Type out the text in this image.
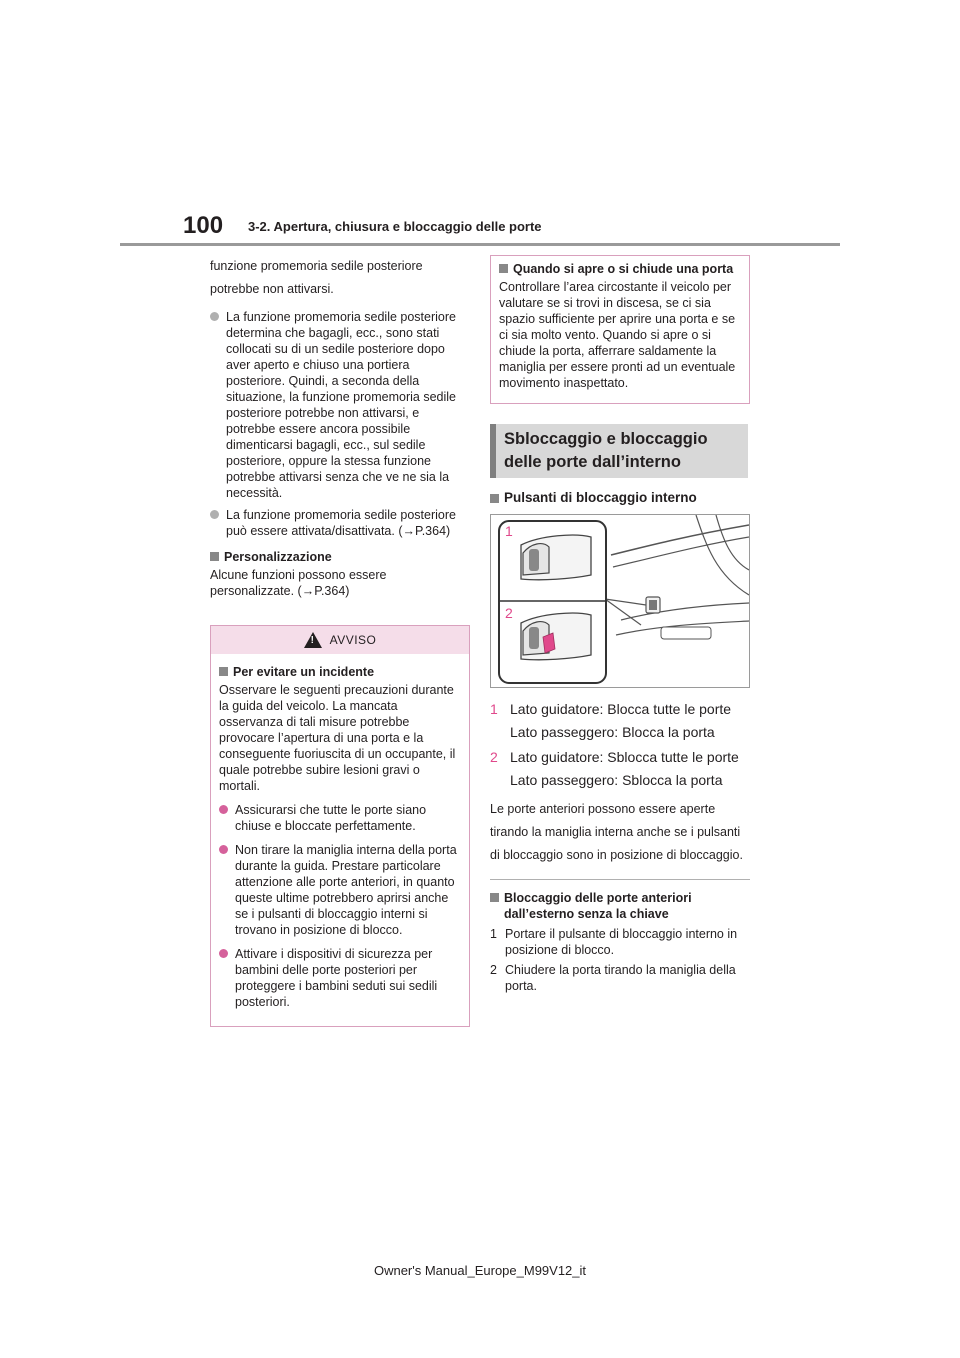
100 3-2. Apertura, chiusura e bloccaggio delle porte
funzione promemoria sedile posteriore
potrebbe non attivarsi.
La funzione promemoria sedile posteriore determina che bagagli, ecc., sono stati collocati su di un sedile posteriore dopo aver aperto e chiuso una portiera posteriore. Quindi, a seconda della situazione, la funzione promemoria sedile posteriore potrebbe non attivarsi, e potrebbe essere ancora possibile dimenticarsi bagagli, ecc., sul sedile posteriore, oppure la stessa funzione potrebbe attivarsi senza che ve ne sia la necessità.
La funzione promemoria sedile posteriore può essere attivata/disattivata. (→P.364)
Personalizzazione
Alcune funzioni possono essere personalizzate. (→P.364)
! AVVISO
Per evitare un incidente
Osservare le seguenti precauzioni durante la guida del veicolo. La mancata osservanza di tali misure potrebbe provocare l’apertura di una porta e la conseguente fuoriuscita di un occupante, il quale potrebbe subire lesioni gravi o mortali.
Assicurarsi che tutte le porte siano chiuse e bloccate perfettamente.
Non tirare la maniglia interna della porta durante la guida. Prestare particolare attenzione alle porte anteriori, in quanto queste ultime potrebbero aprirsi anche se i pulsanti di bloccaggio interni si trovano in posizione di blocco.
Attivare i dispositivi di sicurezza per bambini delle porte posteriori per proteggere i bambini seduti sui sedili posteriori.
Quando si apre o si chiude una porta
Controllare l’area circostante il veicolo per valutare se si trovi in discesa, se ci sia spazio sufficiente per aprire una porta e se ci sia molto vento. Quando si apre o si chiude la porta, afferrare saldamente la maniglia per essere pronti ad un eventuale movimento inaspettato.
Sbloccaggio e bloccaggio delle porte dall’interno
Pulsanti di bloccaggio interno
1
2
1 Lato guidatore: Blocca tutte le porte
Lato passeggero: Blocca la porta
2 Lato guidatore: Sblocca tutte le porte
Lato passeggero: Sblocca la porta
Le porte anteriori possono essere aperte tirando la maniglia interna anche se i pulsanti di bloccaggio sono in posizione di bloccaggio.
Bloccaggio delle porte anteriori dall’esterno senza la chiave
1 Portare il pulsante di bloccaggio interno in posizione di blocco.
2 Chiudere la porta tirando la maniglia della porta.
Owner's Manual_Europe_M99V12_it
